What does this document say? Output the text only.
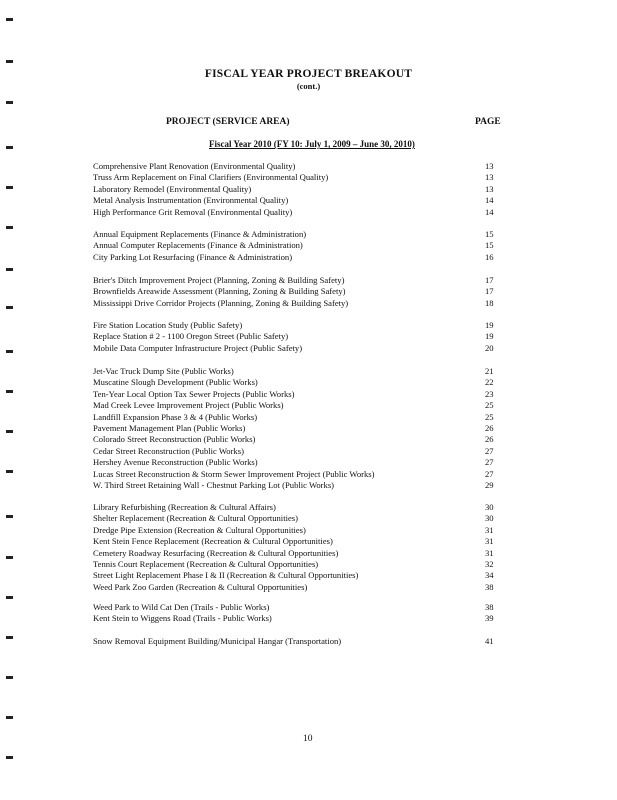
FISCAL YEAR PROJECT BREAKOUT
(cont.)
PROJECT (SERVICE AREA)	PAGE
Fiscal Year 2010 (FY 10: July 1, 2009 – June 30, 2010)
Comprehensive Plant Renovation (Environmental Quality)	13
Truss Arm Replacement on Final Clarifiers (Environmental Quality)	13
Laboratory Remodel (Environmental Quality)	13
Metal Analysis Instrumentation (Environmental Quality)	14
High Performance Grit Removal (Environmental Quality)	14
Annual Equipment Replacements (Finance & Administration)	15
Annual Computer Replacements (Finance & Administration)	15
City Parking Lot Resurfacing (Finance & Administration)	16
Brier's Ditch Improvement Project (Planning, Zoning & Building Safety)	17
Brownfields Areawide Assessment (Planning, Zoning & Building Safety)	17
Mississippi Drive Corridor Projects (Planning, Zoning & Building Safety)	18
Fire Station Location Study (Public Safety)	19
Replace Station # 2 - 1100 Oregon Street (Public Safety)	19
Mobile Data Computer Infrastructure Project (Public Safety)	20
Jet-Vac Truck Dump Site (Public Works)	21
Muscatine Slough Development (Public Works)	22
Ten-Year Local Option Tax Sewer Projects (Public Works)	23
Mad Creek Levee Improvement Project (Public Works)	25
Landfill Expansion Phase 3 & 4 (Public Works)	25
Pavement Management Plan (Public Works)	26
Colorado Street Reconstruction (Public Works)	26
Cedar Street Reconstruction (Public Works)	27
Hershey Avenue Reconstruction (Public Works)	27
Lucas Street Reconstruction & Storm Sewer Improvement Project (Public Works)	27
W. Third Street Retaining Wall - Chestnut Parking Lot (Public Works)	29
Library Refurbishing (Recreation & Cultural Affairs)	30
Shelter Replacement (Recreation & Cultural Opportunities)	30
Dredge Pipe Extension (Recreation & Cultural Opportunities)	31
Kent Stein Fence Replacement (Recreation & Cultural Opportunities)	31
Cemetery Roadway Resurfacing (Recreation & Cultural Opportunities)	31
Tennis Court Replacement (Recreation & Cultural Opportunities)	32
Street Light Replacement Phase I & II (Recreation & Cultural Opportunities)	34
Weed Park Zoo Garden (Recreation & Cultural Opportunities)	38
Weed Park to Wild Cat Den (Trails - Public Works)	38
Kent Stein to Wiggens Road (Trails - Public Works)	39
Snow Removal Equipment Building/Municipal Hangar (Transportation)	41
10
